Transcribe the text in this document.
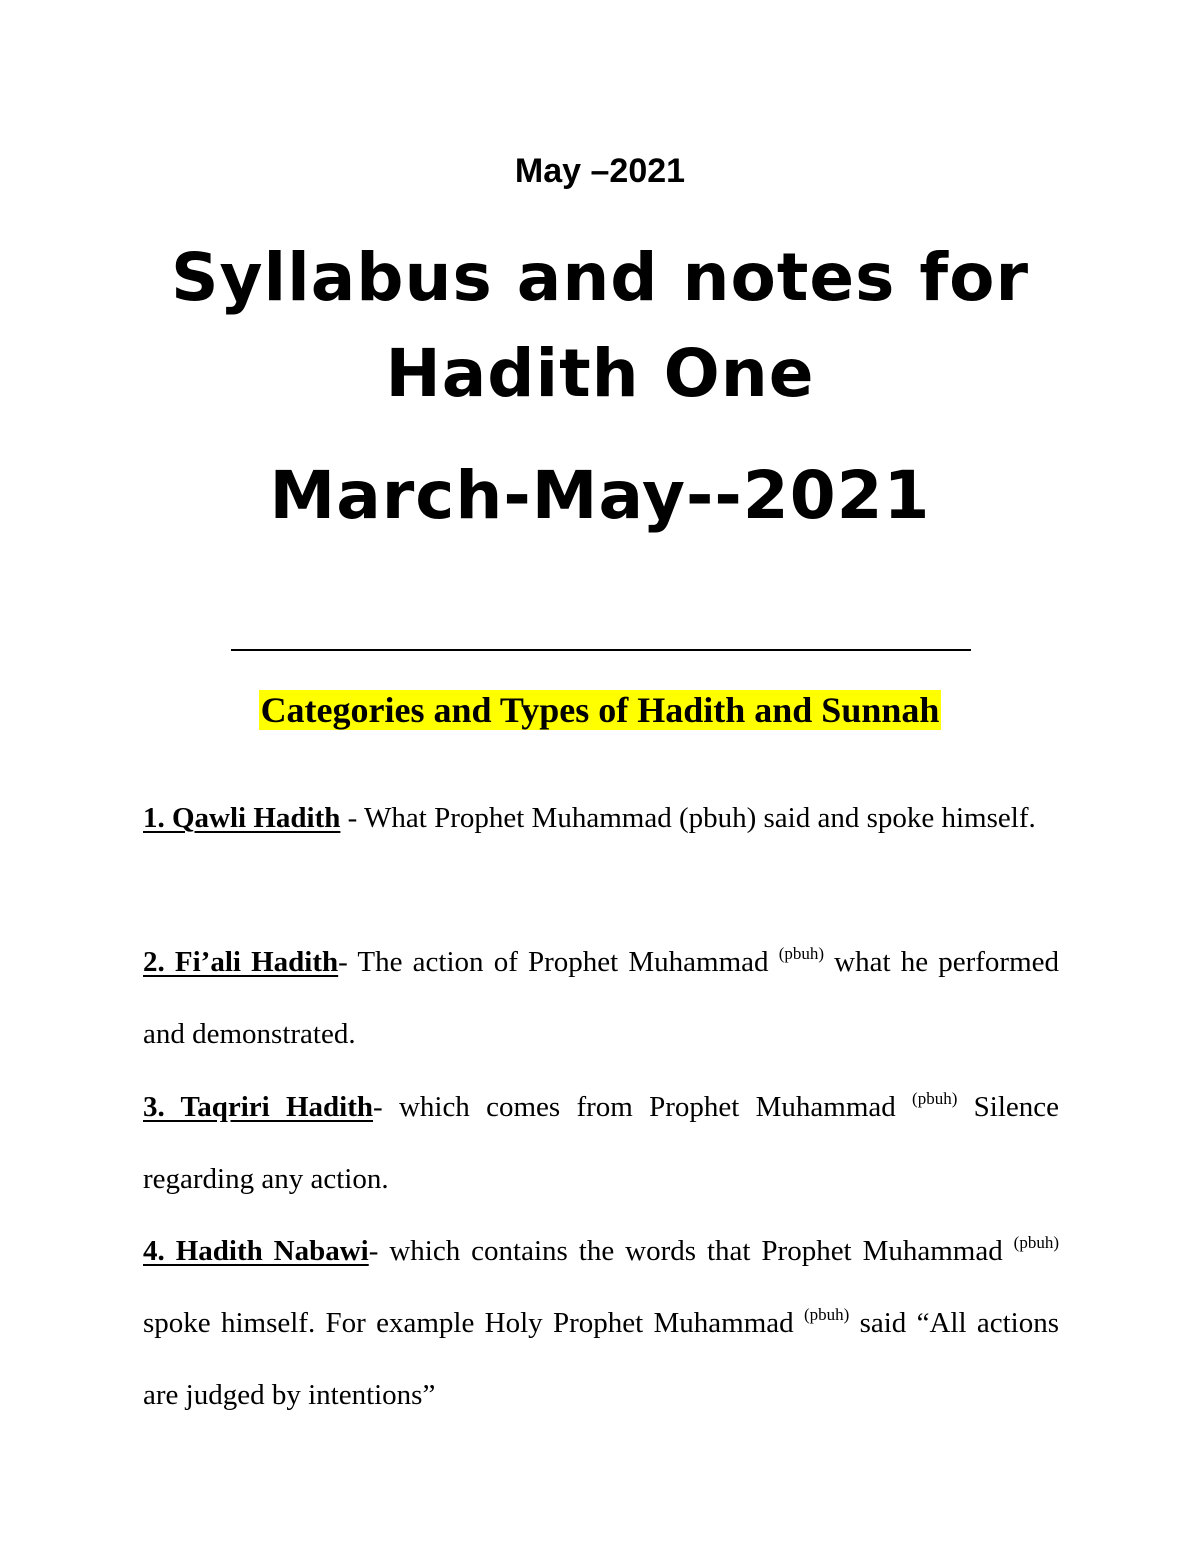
May –2021
Syllabus and notes for
Hadith One
March-May--2021
Categories and Types of Hadith and Sunnah
1. Qawli Hadith - What Prophet Muhammad (pbuh) said and spoke himself.
2. Fi’ali Hadith- The action of Prophet Muhammad $^{(pbuh)}$ what he performed and demonstrated.
3. Taqriri Hadith- which comes from Prophet Muhammad $^{(pbuh)}$ Silence regarding any action.
4. Hadith Nabawi- which contains the words that Prophet Muhammad $^{(pbuh)}$ spoke himself. For example Holy Prophet Muhammad $^{(pbuh)}$ said “All actions are judged by intentions”
